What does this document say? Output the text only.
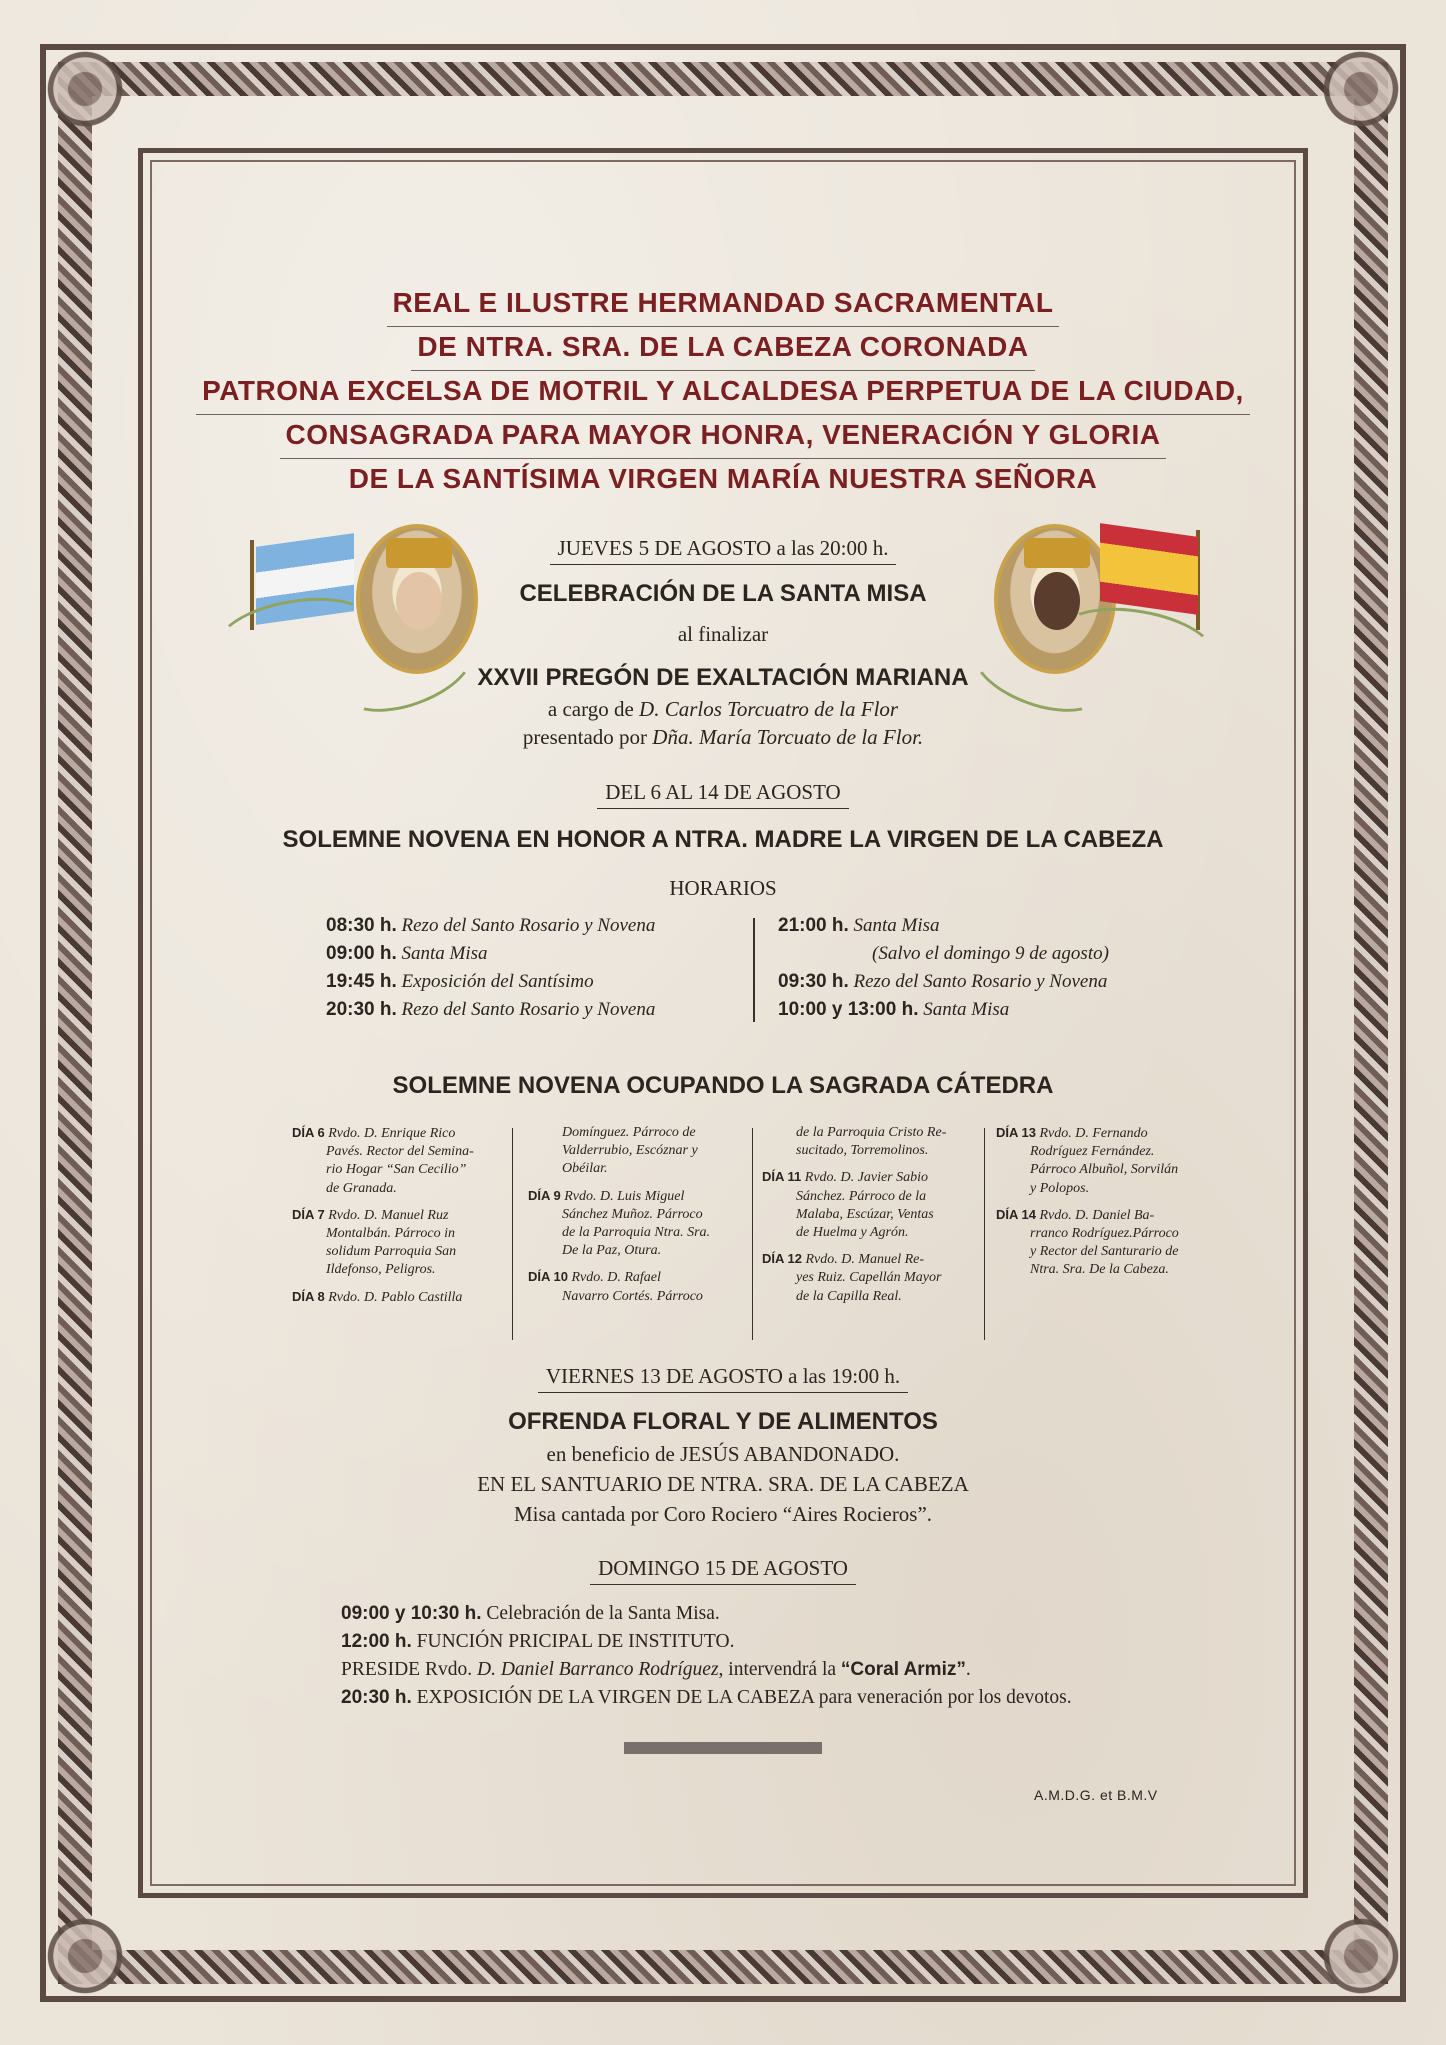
REAL E ILUSTRE HERMANDAD SACRAMENTAL
DE NTRA. SRA. DE LA CABEZA CORONADA
PATRONA EXCELSA DE MOTRIL Y ALCALDESA PERPETUA DE LA CIUDAD,
CONSAGRADA PARA MAYOR HONRA, VENERACIÓN Y GLORIA
DE LA SANTÍSIMA VIRGEN MARÍA NUESTRA SEÑORA
JUEVES 5 DE AGOSTO a las 20:00 h.
CELEBRACIÓN DE LA SANTA MISA
al finalizar
XXVII PREGÓN DE EXALTACIÓN MARIANA
a cargo de D. Carlos Torcuatro de la Flor
presentado por Dña. María Torcuato de la Flor.
DEL 6 AL 14 DE AGOSTO
SOLEMNE NOVENA EN HONOR A NTRA. MADRE LA VIRGEN DE LA CABEZA
HORARIOS
08:30 h. Rezo del Santo Rosario y Novena
09:00 h. Santa Misa
19:45 h. Exposición del Santísimo
20:30 h. Rezo del Santo Rosario y Novena
21:00 h. Santa Misa
(Salvo el domingo 9 de agosto)
09:30 h. Rezo del Santo Rosario y Novena
10:00 y 13:00 h. Santa Misa
SOLEMNE NOVENA OCUPANDO LA SAGRADA CÁTEDRA

DÍA 6 Rvdo. D. Enrique Rico
Pavés. Rector del Semina-
rio Hogar “San Cecilio”
de Granada.

DÍA 7 Rvdo. D. Manuel Ruz
Montalbán. Párroco in
solidum Parroquia San
Ildefonso, Peligros.

DÍA 8 Rvdo. D. Pablo Castilla

Domínguez. Párroco de
Valderrubio, Escóznar y
Obéilar.

DÍA 9 Rvdo. D. Luis Miguel
Sánchez Muñoz. Párroco
de la Parroquia Ntra. Sra.
De la Paz, Otura.

DÍA 10 Rvdo. D. Rafael
Navarro Cortés. Párroco

de la Parroquia Cristo Re-
sucitado, Torremolinos.

DÍA 11 Rvdo. D. Javier Sabio
Sánchez. Párroco de la
Malaba, Escúzar, Ventas
de Huelma y Agrón.

DÍA 12 Rvdo. D. Manuel Re-
yes Ruiz. Capellán Mayor
de la Capilla Real.

DÍA 13 Rvdo. D. Fernando
Rodríguez Fernández.
Párroco Albuñol, Sorvilán
y Polopos.

DÍA 14 Rvdo. D. Daniel Ba-
rranco Rodríguez.Párroco
y Rector del Santurario de
Ntra. Sra. De la Cabeza.

VIERNES 13 DE AGOSTO a las 19:00 h.
OFRENDA FLORAL Y DE ALIMENTOS
en beneficio de JESÚS ABANDONADO.
EN EL SANTUARIO DE NTRA. SRA. DE LA CABEZA
Misa cantada por Coro Rociero “Aires Rocieros”.
DOMINGO 15 DE AGOSTO
09:00 y 10:30 h. Celebración de la Santa Misa.
12:00 h. FUNCIÓN PRICIPAL DE INSTITUTO.
PRESIDE Rvdo. D. Daniel Barranco Rodríguez, intervendrá la “Coral Armiz”.
20:30 h. EXPOSICIÓN DE LA VIRGEN DE LA CABEZA para veneración por los devotos.
A.M.D.G. et B.M.V
